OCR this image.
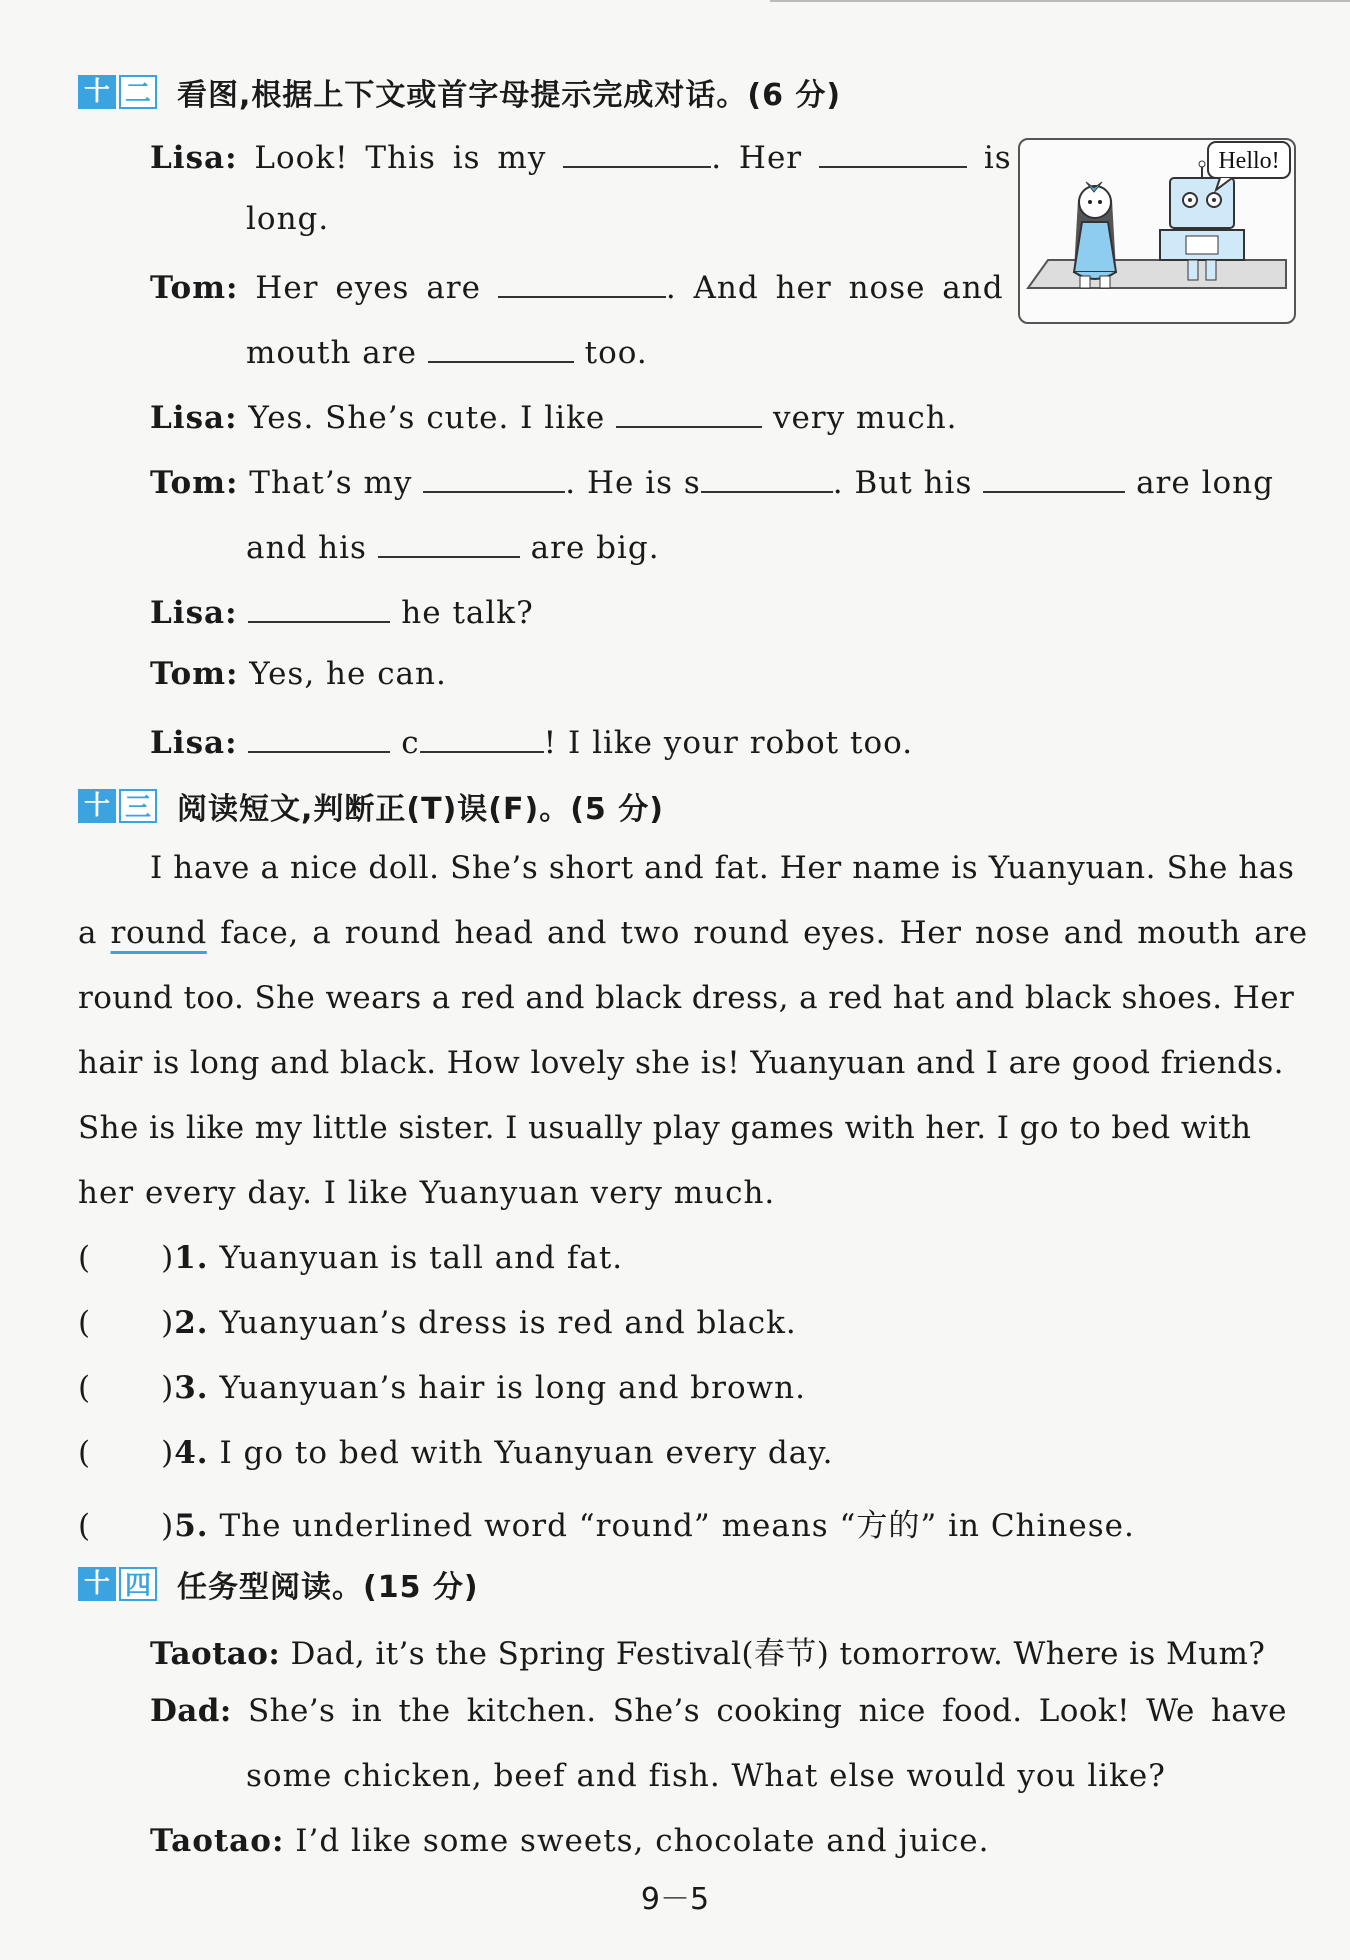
十 二 看图,根据上下文或首字母提示完成对话。(6 分)
Hello!
Lisa: Look! This is my	. Her	is
long.
Tom: Her eyes are	. And her nose and
mouth are	too.
Lisa: Yes. She’s cute. I like	very much.
Tom: That’s my	. He is s	. But his	are long
and his	are big.
Lisa:	he talk?
Tom: Yes, he can.
Lisa:	c	! I like your robot too.
十 三 阅读短文,判断正(T)误(F)。(5 分)
I have a nice doll. She’s short and fat. Her name is Yuanyuan. She has
a round face, a round head and two round eyes. Her nose and mouth are
round too. She wears a red and black dress, a red hat and black shoes. Her
hair is long and black. How lovely she is! Yuanyuan and I are good friends.
She is like my little sister. I usually play games with her. I go to bed with
her every day. I like Yuanyuan very much.
( )1. Yuanyuan is tall and fat.
( )2. Yuanyuan’s dress is red and black.
( )3. Yuanyuan’s hair is long and brown.
( )4. I go to bed with Yuanyuan every day.
( )5. The underlined word “round” means “方的” in Chinese.
十 四 任务型阅读。(15 分)
Taotao: Dad, it’s the Spring Festival(春节) tomorrow. Where is Mum?
Dad: She’s in the kitchen. She’s cooking nice food. Look! We have
some chicken, beef and fish. What else would you like?
Taotao: I’d like some sweets, chocolate and juice.
9－5
